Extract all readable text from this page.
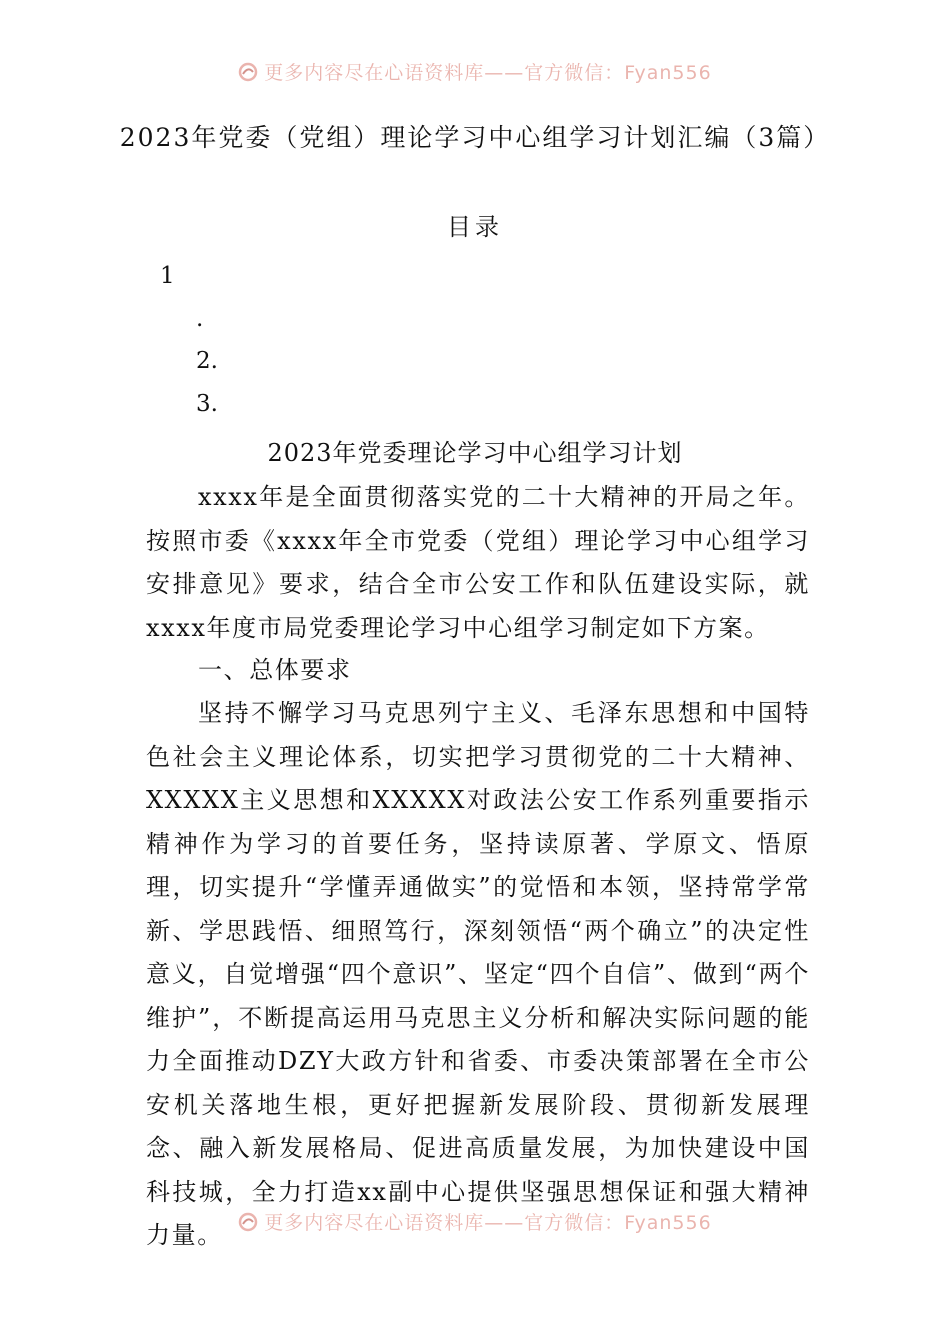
更多内容尽在心语资料库——官方微信：Fyan556
2023年党委（党组）理论学习中心组学习计划汇编（3篇）
目录
1
.
2.
3.
2023年党委理论学习中心组学习计划

xxxx年是全面贯彻落实党的二十大精神的开局之年。按照市委《xxxx年全市党委（党组）理论学习中心组学习安排意见》要求，结合全市公安工作和队伍建设实际，就xxxx年度市局党委理论学习中心组学习制定如下方案。

一、总体要求

坚持不懈学习马克思列宁主义、毛泽东思想和中国特色社会主义理论体系，切实把学习贯彻党的二十大精神、XXXXX主义思想和XXXXX对政法公安工作系列重要指示精神作为学习的首要任务，坚持读原著、学原文、悟原理，切实提升“学懂弄通做实”的觉悟和本领，坚持常学常新、学思践悟、细照笃行，深刻领悟“两个确立”的决定性意义，自觉增强“四个意识”、坚定“四个自信”、做到“两个维护”，不断提高运用马克思主义分析和解决实际问题的能力全面推动DZY大政方针和省委、市委决策部署在全市公安机关落地生根，更好把握新发展阶段、贯彻新发展理念、融入新发展格局、促进高质量发展，为加快建设中国科技城，全力打造xx副中心提供坚强思想保证和强大精神力量。	更多内容尽在心语资料库——官方微信：Fyan556
